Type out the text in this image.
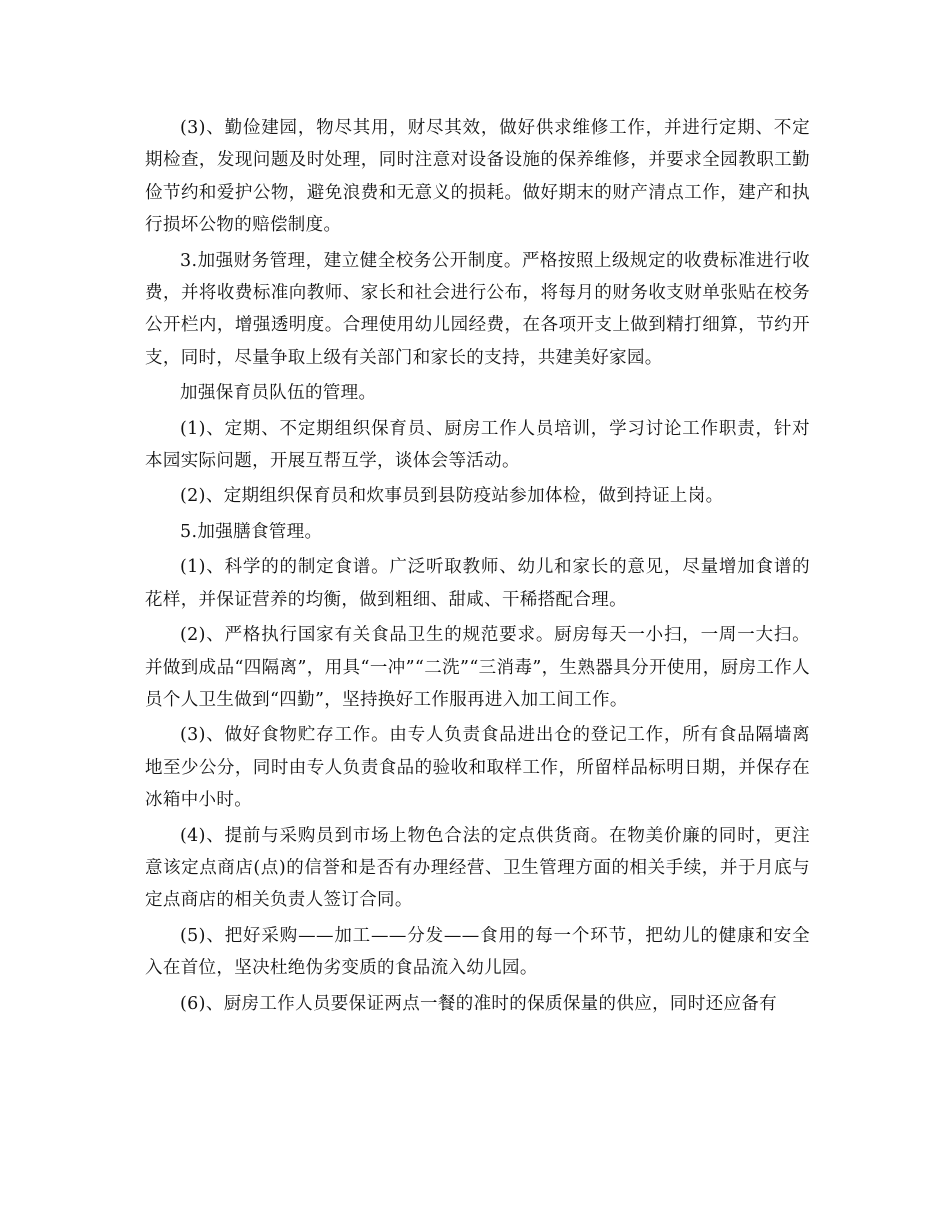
(3)、勤俭建园，物尽其用，财尽其效，做好供求维修工作，并进行定期、不定期检查，发现问题及时处理，同时注意对设备设施的保养维修，并要求全园教职工勤俭节约和爱护公物，避免浪费和无意义的损耗。做好期末的财产清点工作，建产和执行损坏公物的赔偿制度。

3.加强财务管理，建立健全校务公开制度。严格按照上级规定的收费标准进行收费，并将收费标准向教师、家长和社会进行公布，将每月的财务收支财单张贴在校务公开栏内，增强透明度。合理使用幼儿园经费，在各项开支上做到精打细算，节约开支，同时，尽量争取上级有关部门和家长的支持，共建美好家园。

加强保育员队伍的管理。

(1)、定期、不定期组织保育员、厨房工作人员培训，学习讨论工作职责，针对本园实际问题，开展互帮互学，谈体会等活动。

(2)、定期组织保育员和炊事员到县防疫站参加体检，做到持证上岗。

5.加强膳食管理。

(1)、科学的的制定食谱。广泛听取教师、幼儿和家长的意见，尽量增加食谱的花样，并保证营养的均衡，做到粗细、甜咸、干稀搭配合理。

(2)、严格执行国家有关食品卫生的规范要求。厨房每天一小扫，一周一大扫。并做到成品“四隔离”，用具“一冲”“二洗”“三消毒”，生熟器具分开使用，厨房工作人员个人卫生做到“四勤”，坚持换好工作服再进入加工间工作。

(3)、做好食物贮存工作。由专人负责食品进出仓的登记工作，所有食品隔墙离地至少公分，同时由专人负责食品的验收和取样工作，所留样品标明日期，并保存在冰箱中小时。

(4)、提前与采购员到市场上物色合法的定点供货商。在物美价廉的同时，更注意该定点商店(点)的信誉和是否有办理经营、卫生管理方面的相关手续，并于月底与定点商店的相关负责人签订合同。

(5)、把好采购——加工——分发——食用的每一个环节，把幼儿的健康和安全入在首位，坚决杜绝伪劣变质的食品流入幼儿园。

(6)、厨房工作人员要保证两点一餐的准时的保质保量的供应，同时还应备有
